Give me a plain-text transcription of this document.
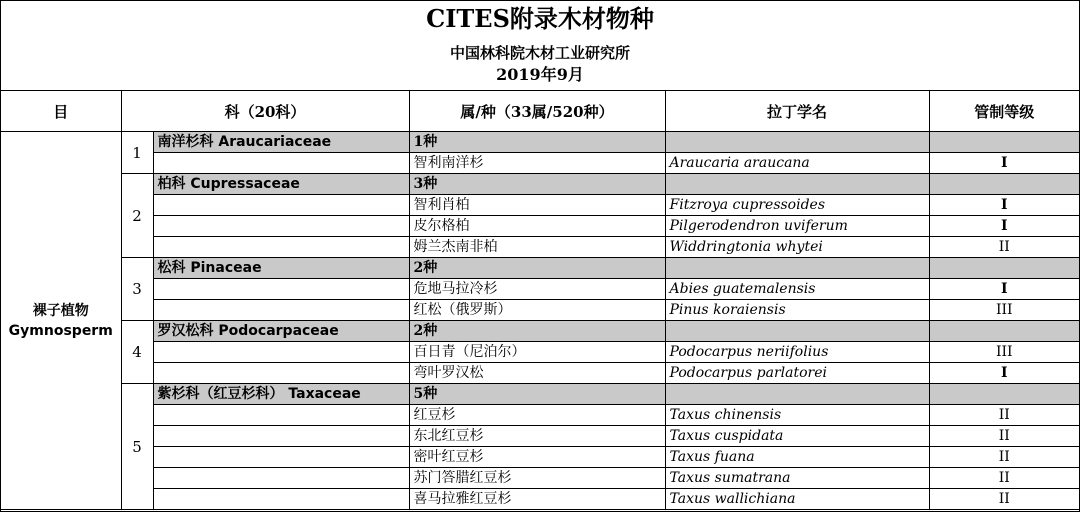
CITES附录木材物种
中国林科院木材工业研究所
2019年9月
目	科（20科）		属/种（33属/520种）	拉丁学名	管制等级

裸子植物
Gymnosperm	1	南洋杉科 Araucariaceae	1种		
			智利南洋杉	Araucaria araucana	I
	2	柏科 Cupressaceae	3种		
			智利肖柏	Fitzroya cupressoides	I
			皮尔格柏	Pilgerodendron uviferum	I
			姆兰杰南非柏	Widdringtonia whytei	II
	3	松科 Pinaceae	2种		
			危地马拉冷杉	Abies guatemalensis	I
			红松（俄罗斯）	Pinus koraiensis	III
	4	罗汉松科 Podocarpaceae	2种		
			百日青（尼泊尔）	Podocarpus neriifolius	III
			弯叶罗汉松	Podocarpus parlatorei	I
	5	紫杉科（红豆杉科） Taxaceae	5种		
			红豆杉	Taxus chinensis	II
			东北红豆杉	Taxus cuspidata	II
			密叶红豆杉	Taxus fuana	II
			苏门答腊红豆杉	Taxus sumatrana	II
			喜马拉雅红豆杉	Taxus wallichiana	II
